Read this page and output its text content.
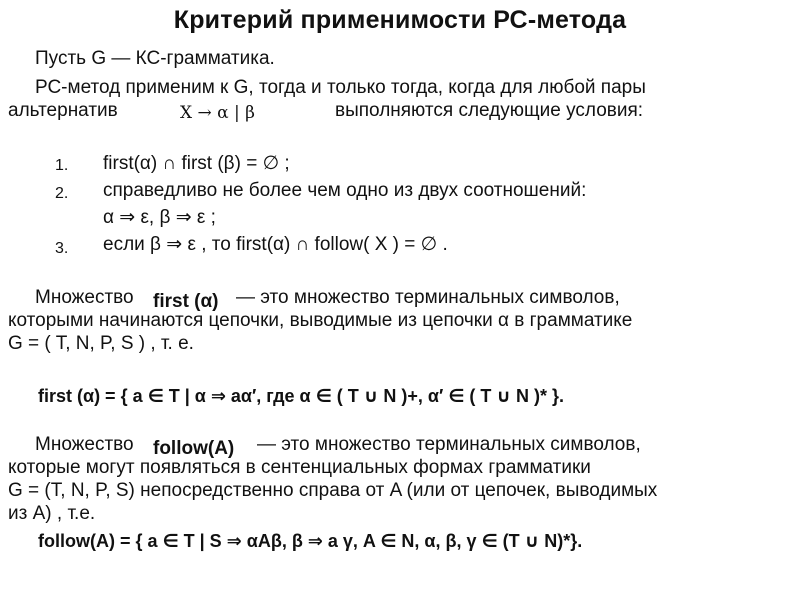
Критерий применимости РС-метода
Пусть G — КС-грамматика.
РС-метод применим к G, тогда и только тогда, когда для любой пары
альтернатив	X → α | β	выполняются следующие условия:
1. first(α) ∩ first (β) = ∅ ;
2. справедливо не более чем одно из двух соотношений:
α ⇒ ε, β ⇒ ε ;
3. если β ⇒ ε , то first(α) ∩ follow( X ) = ∅ .
Множество first (α) — это множество терминальных символов,
которыми начинаются цепочки, выводимые из цепочки α в грамматике
G = ( T, N, P, S ) , т. е.
first (α) = { a ∈ T | α ⇒ aα′, где α ∈ ( T ∪ N )+, α′ ∈ ( T ∪ N )* }.
Множество follow(A) — это множество терминальных символов,
которые могут появляться в сентенциальных формах грамматики
G = (T, N, P, S) непосредственно справа от A (или от цепочек, выводимых
из A) , т.е.
follow(A) = { a ∈ T | S ⇒ αAβ, β ⇒ a γ, A ∈ N, α, β, γ ∈ (T ∪ N)*}.
